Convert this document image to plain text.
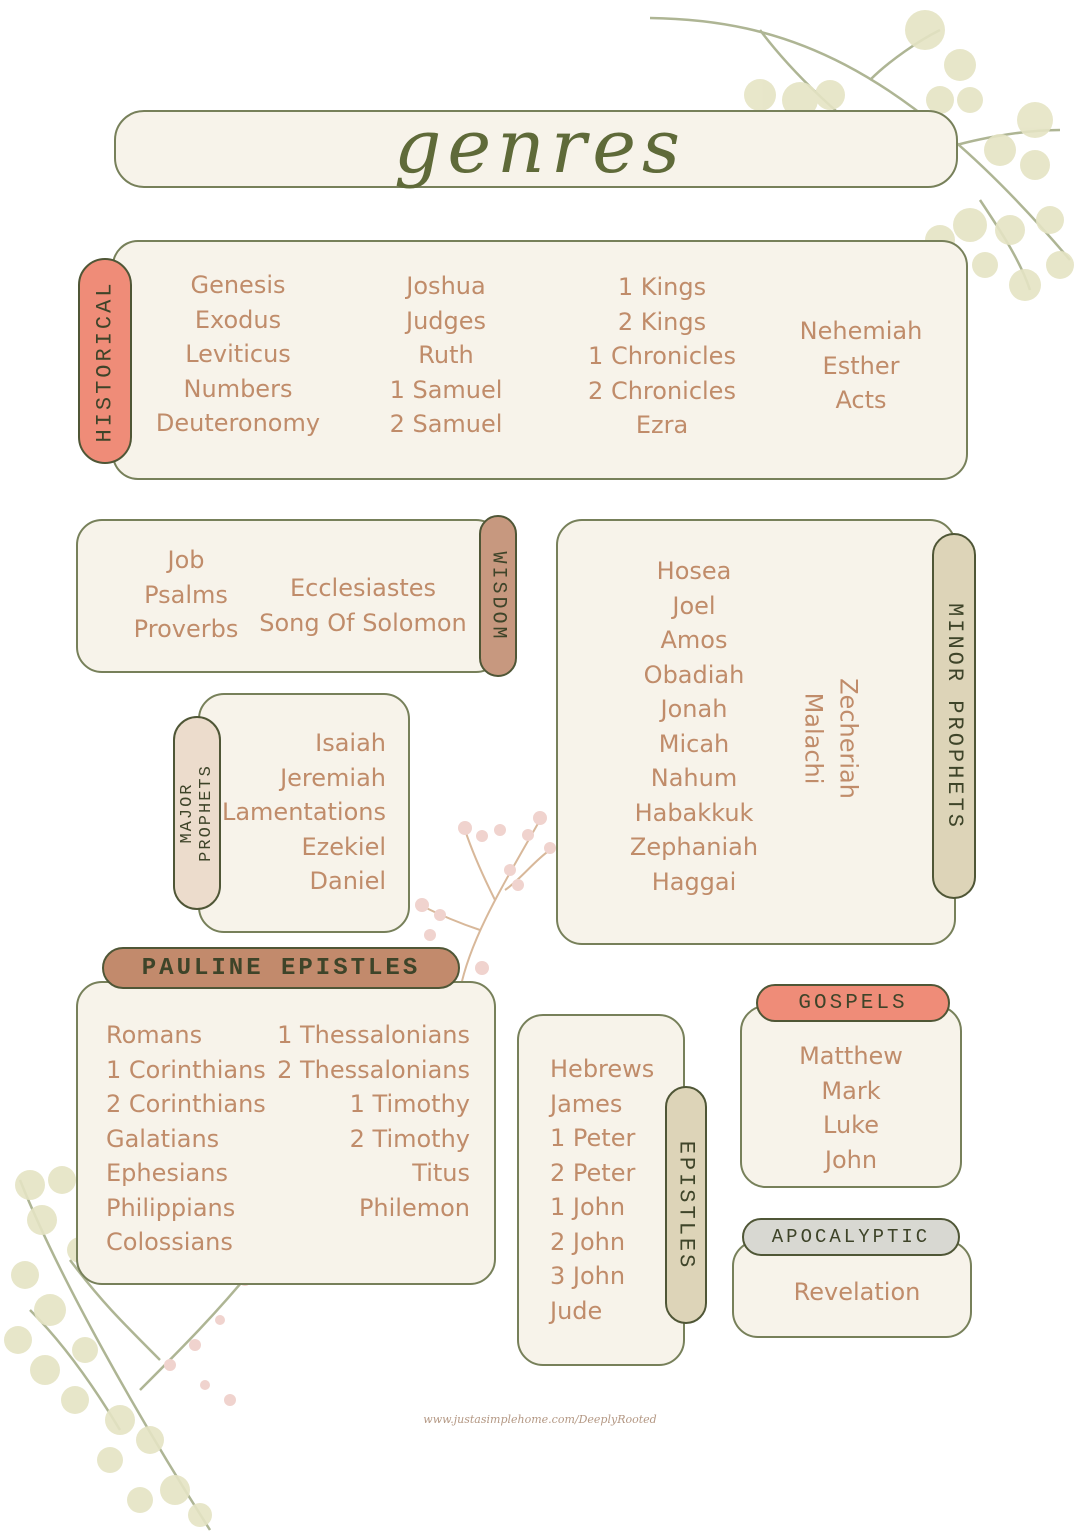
genres
HISTORICAL	Genesis
Exodus
Leviticus
Numbers
Deuteronomy
Joshua
Judges
Ruth
1 Samuel
2 Samuel
1 Kings
2 Kings
1 Chronicles
2 Chronicles
Ezra
Nehemiah
Esther
Acts
WISDOM
Job
Psalms
Proverbs
Ecclesiastes
Song Of Solomon
MAJOR PROPHETS
Isaiah
Jeremiah
Lamentations
Ezekiel
Daniel
MINOR PROPHETS
Hosea
Joel
Amos
Obadiah
Jonah
Micah
Nahum
Habakkuk
Zephaniah
Haggai
Zecheriah
Malachi
PAULINE EPISTLES
Romans
1 Corinthians
2 Corinthians
Galatians
Ephesians
Philippians
Colossians
1 Thessalonians
2 Thessalonians
1 Timothy
2 Timothy
Titus
Philemon	EPISTLES
Hebrews
James
1 Peter
2 Peter
1 John
2 John
3 John
Jude
GOSPELS
Matthew
Mark
Luke
John
APOCALYPTIC
Revelation
www.justasimplehome.com/DeeplyRooted
